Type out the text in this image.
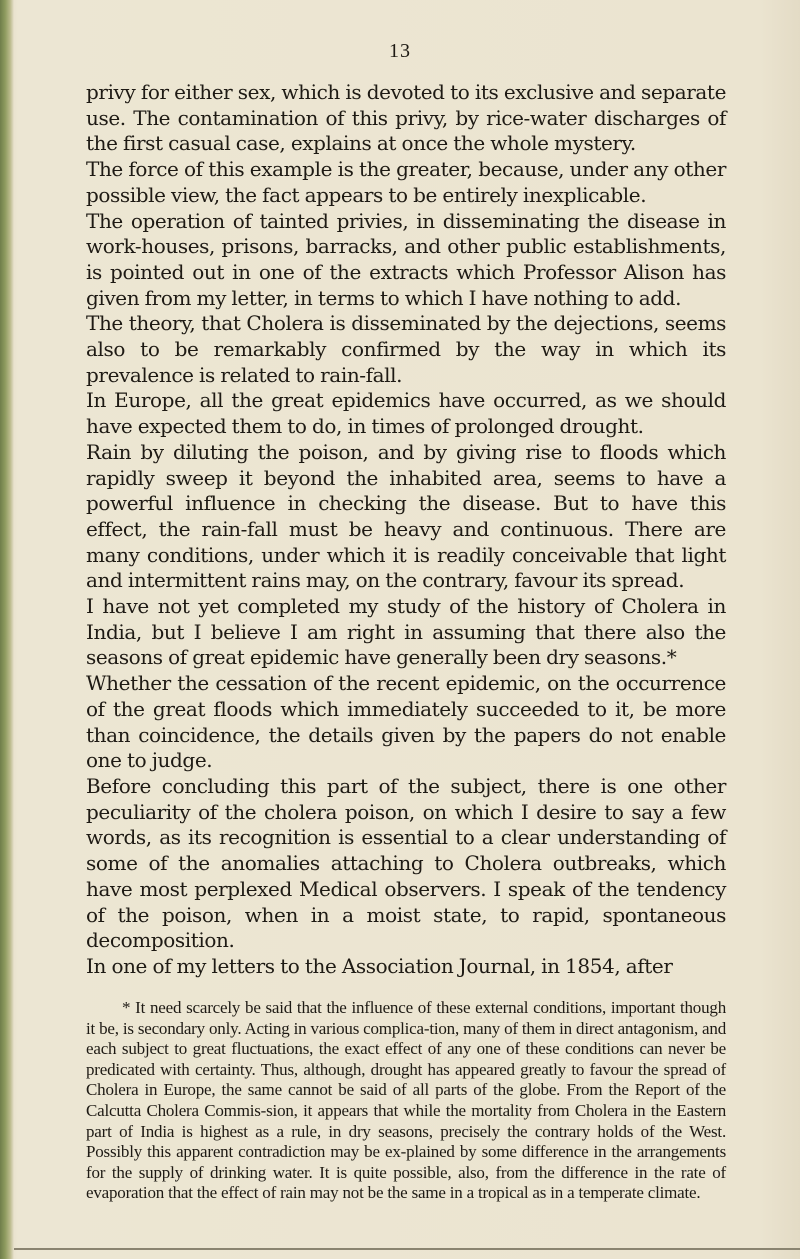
13

privy for either sex, which is devoted to its exclusive and separate use. The contamination of this privy, by rice-water discharges of the first casual case, explains at once the whole mystery.

The force of this example is the greater, because, under any other possible view, the fact appears to be entirely inexplicable.

The operation of tainted privies, in disseminating the disease in work-houses, prisons, barracks, and other public establishments, is pointed out in one of the extracts which Professor Alison has given from my letter, in terms to which I have nothing to add.

The theory, that Cholera is disseminated by the dejections, seems also to be remarkably confirmed by the way in which its prevalence is related to rain-fall.

In Europe, all the great epidemics have occurred, as we should have expected them to do, in times of prolonged drought.

Rain by diluting the poison, and by giving rise to floods which rapidly sweep it beyond the inhabited area, seems to have a powerful influence in checking the disease. But to have this effect, the rain-fall must be heavy and continuous. There are many conditions, under which it is readily conceivable that light and intermittent rains may, on the contrary, favour its spread.

I have not yet completed my study of the history of Cholera in India, but I believe I am right in assuming that there also the seasons of great epidemic have generally been dry seasons.*

Whether the cessation of the recent epidemic, on the occurrence of the great floods which immediately succeeded to it, be more than coincidence, the details given by the papers do not enable one to judge.

Before concluding this part of the subject, there is one other peculiarity of the cholera poison, on which I desire to say a few words, as its recognition is essential to a clear understanding of some of the anomalies attaching to Cholera outbreaks, which have most perplexed Medical observers. I speak of the tendency of the poison, when in a moist state, to rapid, spontaneous decomposition.

In one of my letters to the Association Journal, in 1854, after

* It need scarcely be said that the influence of these external conditions, important though it be, is secondary only. Acting in various complica-tion, many of them in direct antagonism, and each subject to great fluctuations, the exact effect of any one of these conditions can never be predicated with certainty. Thus, although, drought has appeared greatly to favour the spread of Cholera in Europe, the same cannot be said of all parts of the globe. From the Report of the Calcutta Cholera Commis-sion, it appears that while the mortality from Cholera in the Eastern part of India is highest as a rule, in dry seasons, precisely the contrary holds of the West. Possibly this apparent contradiction may be ex-plained by some difference in the arrangements for the supply of drinking water. It is quite possible, also, from the difference in the rate of evaporation that the effect of rain may not be the same in a tropical as in a temperate climate.
